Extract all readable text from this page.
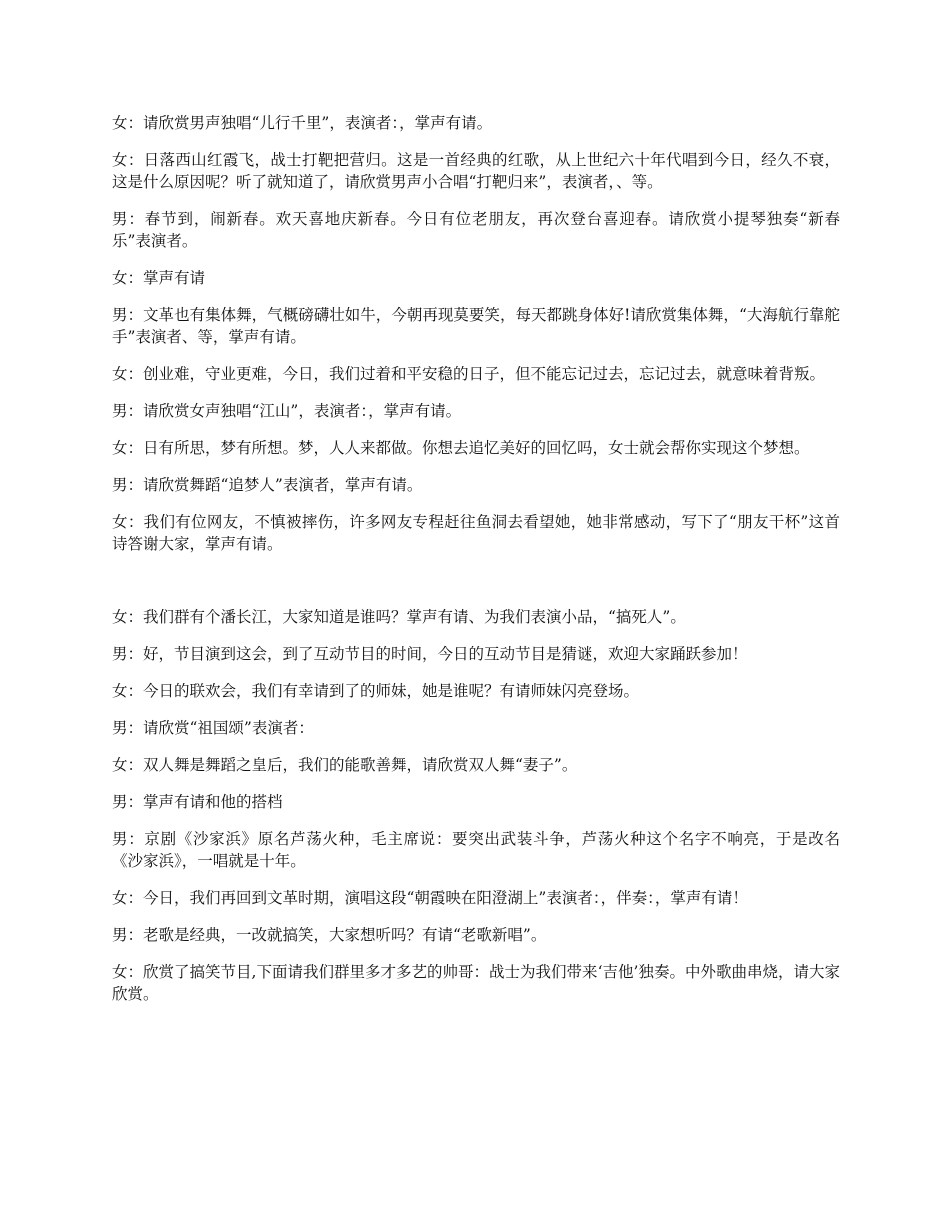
女：请欣赏男声独唱“儿行千里”，表演者：，掌声有请。

女：日落西山红霞飞，战士打靶把营归。这是一首经典的红歌，从上世纪六十年代唱到今日，经久不衰，这是什么原因呢？听了就知道了，请欣赏男声小合唱“打靶归来”，表演者，、等。

男：春节到，闹新春。欢天喜地庆新春。今日有位老朋友，再次登台喜迎春。请欣赏小提琴独奏“新春乐”表演者。

女：掌声有请

男：文革也有集体舞，气概磅礴壮如牛，今朝再现莫要笑，每天都跳身体好!请欣赏集体舞，“大海航行靠舵手”表演者、等，掌声有请。

女：创业难，守业更难，今日，我们过着和平安稳的日子，但不能忘记过去，忘记过去，就意味着背叛。

男：请欣赏女声独唱“江山”，表演者：，掌声有请。

女：日有所思，梦有所想。梦，人人来都做。你想去追忆美好的回忆吗，女士就会帮你实现这个梦想。

男：请欣赏舞蹈“追梦人”表演者，掌声有请。

女：我们有位网友，不慎被摔伤，许多网友专程赶往鱼洞去看望她，她非常感动，写下了“朋友干杯”这首诗答谢大家，掌声有请。

女：我们群有个潘长江，大家知道是谁吗？掌声有请、为我们表演小品，“搞死人”。

男：好，节目演到这会，到了互动节目的时间，今日的互动节目是猜谜，欢迎大家踊跃参加！

女：今日的联欢会，我们有幸请到了的师妹，她是谁呢？有请师妹闪亮登场。

男：请欣赏“祖国颂”表演者：

女：双人舞是舞蹈之皇后，我们的能歌善舞，请欣赏双人舞“妻子”。

男：掌声有请和他的搭档

男：京剧《沙家浜》原名芦荡火种，毛主席说：要突出武装斗争，芦荡火种这个名字不响亮，于是改名《沙家浜》，一唱就是十年。

女：今日，我们再回到文革时期，演唱这段“朝霞映在阳澄湖上”表演者：，伴奏：，掌声有请！

男：老歌是经典，一改就搞笑，大家想听吗？有请“老歌新唱”。

女：欣赏了搞笑节目,下面请我们群里多才多艺的帅哥：战士为我们带来‘吉他’独奏。中外歌曲串烧，请大家欣赏。
